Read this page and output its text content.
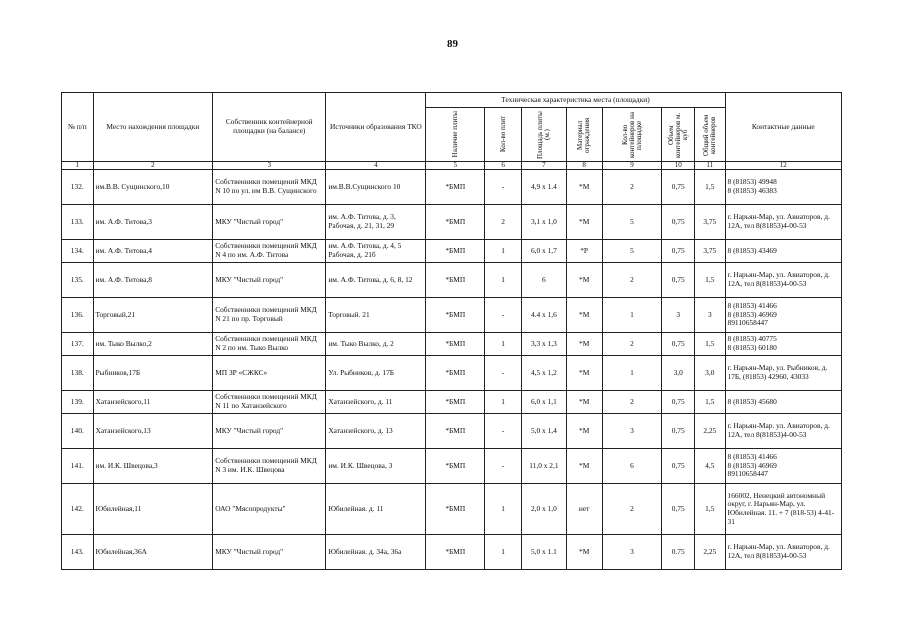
89
№ п/п	Место нахождения площадки	Собственник контейнерной площадки (на балансе)	Источники образования ТКО	Техническая характеристика места (площадки)							Контактные данные

				Наличие плиты	Кол-во плит	Площадь плиты (м.)	Материал ограждения	Кол-во контейнеров на площадке	Объем контейнеров м. куб	Общий объем контейнеров	

1	2	3	4	5	6	7	8	9	10	11	12
132.	им.В.В. Сущинского,10	Собственники помещений МКД N 10 по ул. им В.В. Сущинского	им.В.В.Сущинского 10	*БМП	-	4,9 x 1.4	*М	2	0,75	1,5	8 (81853) 49948
8 (81853) 46383
133.	им. А.Ф. Титова,3	МКУ "Чистый город"	им. А.Ф. Титова, д. 3, Рабочая, д. 21, 31, 29	*БМП	2	3,1 x 1,0	*М	5	0,75	3,75	г. Нарьян-Мар, ул. Авиаторов, д. 12А, тел 8(81853)4-00-53
134.	им. А.Ф. Титова,4	Собственники помещений МКД N 4 по им. А.Ф. Титова	им. А.Ф. Титова, д. 4, 5 Рабочая, д. 21б	*БМП	1	6,0 x 1,7	*Р	5	0,75	3,75	8 (81853) 43469
135.	им. А.Ф. Титова,8	МКУ "Чистый город"	им. А.Ф. Титова, д. 6, 8, 12	*БМП	1	6	*М	2	0,75	1,5	г. Нарьян-Мар, ул. Авиаторов, д. 12А, тел 8(81853)4-00-53
136.	Торговый,21	Собственники помещений МКД N 21 по пр. Торговый	Торговый. 21	*БМП	-	4.4 x 1,6	*М	1	3	3	8 (81853) 41466
8 (81853) 46969
89110658447
137.	им. Тыко Вылко,2	Собственники помещений МКД N 2 по им. Тыко Вылко	им. Тыко Вылко, д. 2	*БМП	1	3,3 x 1,3	*М	2	0,75	1,5	8 (81853) 40775
8 (81853) 60180
138.	Рыбников,17Б	МП ЗР «СЖКС»	Ул. Рыбников, д. 17Б	*БМП	-	4,5 x 1,2	*М	1	3,0	3,0	г. Нарьян-Мар, ул. Рыбников, д. 17Б, (81853) 42960, 43033
139.	Хатанзейского,11	Собственники помещений МКД N 11 по Хатанзейского	Хатанзейского, д. 11	*БМП	1	6,0 x 1,1	*М	2	0,75	1,5	8 (81853) 45680
140.	Хатанзейского,13	МКУ "Чистый город"	Хатанзейского, д. 13	*БМП	-	5,0 x 1,4	*М	3	0,75	2,25	г. Нарьян-Мар. ул. Авиаторов, д. 12А, тел 8(81853)4-00-53
141.	им. И.К. Швецова,3	Собственники помещений МКД N 3 им. И.К. Швецова	им. И.К. Швецова, 3	*БМП	-	11,0 x 2,1	*М	6	0,75	4,5	8 (81853) 41466
8 (81853) 46969
89110658447
142.	Юбилейная,11	ОАО "Мясопродукты"	Юбилейная. д. 11	*БМП	1	2,0 x 1,0	нет	2	0,75	1,5	166002, Ненецкий автономный округ, г. Нарьян-Мар, ул. Юбилейная. 11. + 7 (818-53) 4-41-31
143.	Юбилейная,36А	МКУ "Чистый город"	Юбилейная. д. 34а, 36а	*БМП	1	5,0 x 1.1	*М	3	0.75	2,25	г. Нарьян-Мар, ул. Авиаторов, д. 12А, тел 8(81853)4-00-53
